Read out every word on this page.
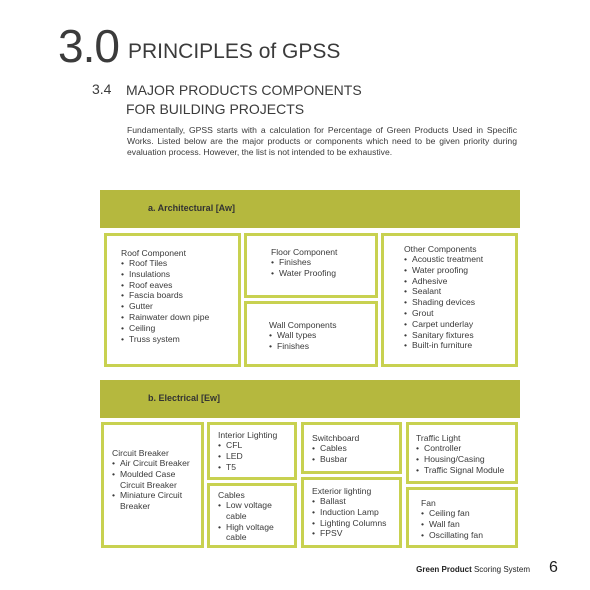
3.0 PRINCIPLES of GPSS
3.4 MAJOR PRODUCTS COMPONENTS
FOR BUILDING PROJECTS
Fundamentally, GPSS starts with a calculation for Percentage of Green Products Used in Specific Works. Listed below are the major products or components which need to be given priority during evaluation process. However, the list is not intended to be exhaustive.
a. Architectural [Aw]
Roof Component
• Roof Tiles
• Insulations
• Roof eaves
• Fascia boards
• Gutter
• Rainwater down pipe
• Ceiling
• Truss system
Floor Component
• Finishes
• Water Proofing
Wall Components
• Wall types
• Finishes
Other Components
• Acoustic treatment
• Water proofing
• Adhesive
• Sealant
• Shading devices
• Grout
• Carpet underlay
• Sanitary fixtures
• Built-in furniture
b. Electrical [Ew]
Circuit Breaker
• Air Circuit Breaker
• Moulded Case
Circuit Breaker
• Miniature Circuit
Breaker
Interior Lighting
• CFL
• LED
• T5
Cables
• Low voltage
cable
• High voltage
cable
Switchboard
• Cables
• Busbar
Exterior lighting
• Ballast
• Induction Lamp
• Lighting Columns
• FPSV
Traffic Light
• Controller
• Housing/Casing
• Traffic Signal Module
Fan
• Ceiling fan
• Wall fan
• Oscillating fan
Green Product Scoring System 6
